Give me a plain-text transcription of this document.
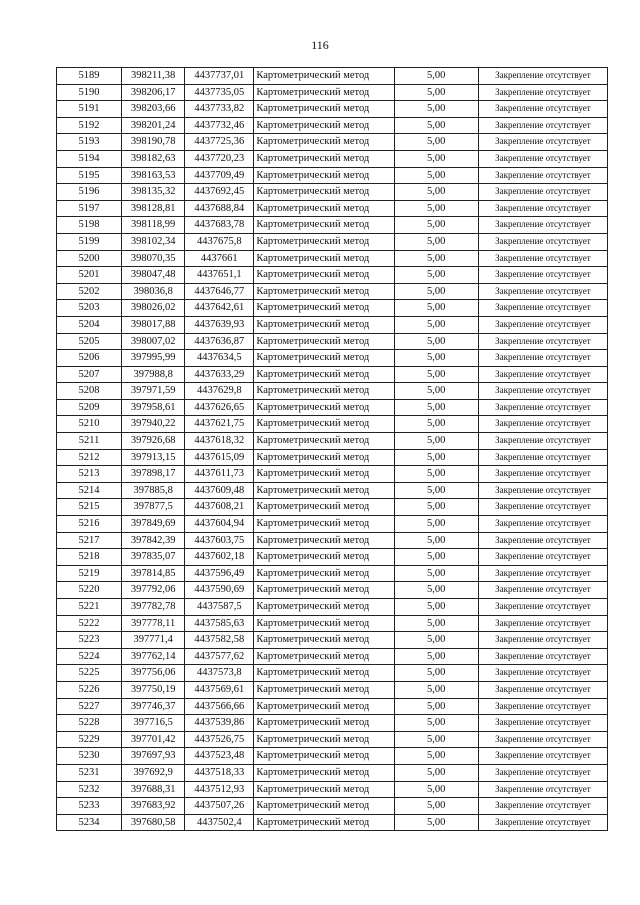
116
5189	398211,38	4437737,01	Картометрический метод	5,00	Закрепление отсутствует
5190	398206,17	4437735,05	Картометрический метод	5,00	Закрепление отсутствует
5191	398203,66	4437733,82	Картометрический метод	5,00	Закрепление отсутствует
5192	398201,24	4437732,46	Картометрический метод	5,00	Закрепление отсутствует
5193	398190,78	4437725,36	Картометрический метод	5,00	Закрепление отсутствует
5194	398182,63	4437720,23	Картометрический метод	5,00	Закрепление отсутствует
5195	398163,53	4437709,49	Картометрический метод	5,00	Закрепление отсутствует
5196	398135,32	4437692,45	Картометрический метод	5,00	Закрепление отсутствует
5197	398128,81	4437688,84	Картометрический метод	5,00	Закрепление отсутствует
5198	398118,99	4437683,78	Картометрический метод	5,00	Закрепление отсутствует
5199	398102,34	4437675,8	Картометрический метод	5,00	Закрепление отсутствует
5200	398070,35	4437661	Картометрический метод	5,00	Закрепление отсутствует
5201	398047,48	4437651,1	Картометрический метод	5,00	Закрепление отсутствует
5202	398036,8	4437646,77	Картометрический метод	5,00	Закрепление отсутствует
5203	398026,02	4437642,61	Картометрический метод	5,00	Закрепление отсутствует
5204	398017,88	4437639,93	Картометрический метод	5,00	Закрепление отсутствует
5205	398007,02	4437636,87	Картометрический метод	5,00	Закрепление отсутствует
5206	397995,99	4437634,5	Картометрический метод	5,00	Закрепление отсутствует
5207	397988,8	4437633,29	Картометрический метод	5,00	Закрепление отсутствует
5208	397971,59	4437629,8	Картометрический метод	5,00	Закрепление отсутствует
5209	397958,61	4437626,65	Картометрический метод	5,00	Закрепление отсутствует
5210	397940,22	4437621,75	Картометрический метод	5,00	Закрепление отсутствует
5211	397926,68	4437618,32	Картометрический метод	5,00	Закрепление отсутствует
5212	397913,15	4437615,09	Картометрический метод	5,00	Закрепление отсутствует
5213	397898,17	4437611,73	Картометрический метод	5,00	Закрепление отсутствует
5214	397885,8	4437609,48	Картометрический метод	5,00	Закрепление отсутствует
5215	397877,5	4437608,21	Картометрический метод	5,00	Закрепление отсутствует
5216	397849,69	4437604,94	Картометрический метод	5,00	Закрепление отсутствует
5217	397842,39	4437603,75	Картометрический метод	5,00	Закрепление отсутствует
5218	397835,07	4437602,18	Картометрический метод	5,00	Закрепление отсутствует
5219	397814,85	4437596,49	Картометрический метод	5,00	Закрепление отсутствует
5220	397792,06	4437590,69	Картометрический метод	5,00	Закрепление отсутствует
5221	397782,78	4437587,5	Картометрический метод	5,00	Закрепление отсутствует
5222	397778,11	4437585,63	Картометрический метод	5,00	Закрепление отсутствует
5223	397771,4	4437582,58	Картометрический метод	5,00	Закрепление отсутствует
5224	397762,14	4437577,62	Картометрический метод	5,00	Закрепление отсутствует
5225	397756,06	4437573,8	Картометрический метод	5,00	Закрепление отсутствует
5226	397750,19	4437569,61	Картометрический метод	5,00	Закрепление отсутствует
5227	397746,37	4437566,66	Картометрический метод	5,00	Закрепление отсутствует
5228	397716,5	4437539,86	Картометрический метод	5,00	Закрепление отсутствует
5229	397701,42	4437526,75	Картометрический метод	5,00	Закрепление отсутствует
5230	397697,93	4437523,48	Картометрический метод	5,00	Закрепление отсутствует
5231	397692,9	4437518,33	Картометрический метод	5,00	Закрепление отсутствует
5232	397688,31	4437512,93	Картометрический метод	5,00	Закрепление отсутствует
5233	397683,92	4437507,26	Картометрический метод	5,00	Закрепление отсутствует
5234	397680,58	4437502,4	Картометрический метод	5,00	Закрепление отсутствует
